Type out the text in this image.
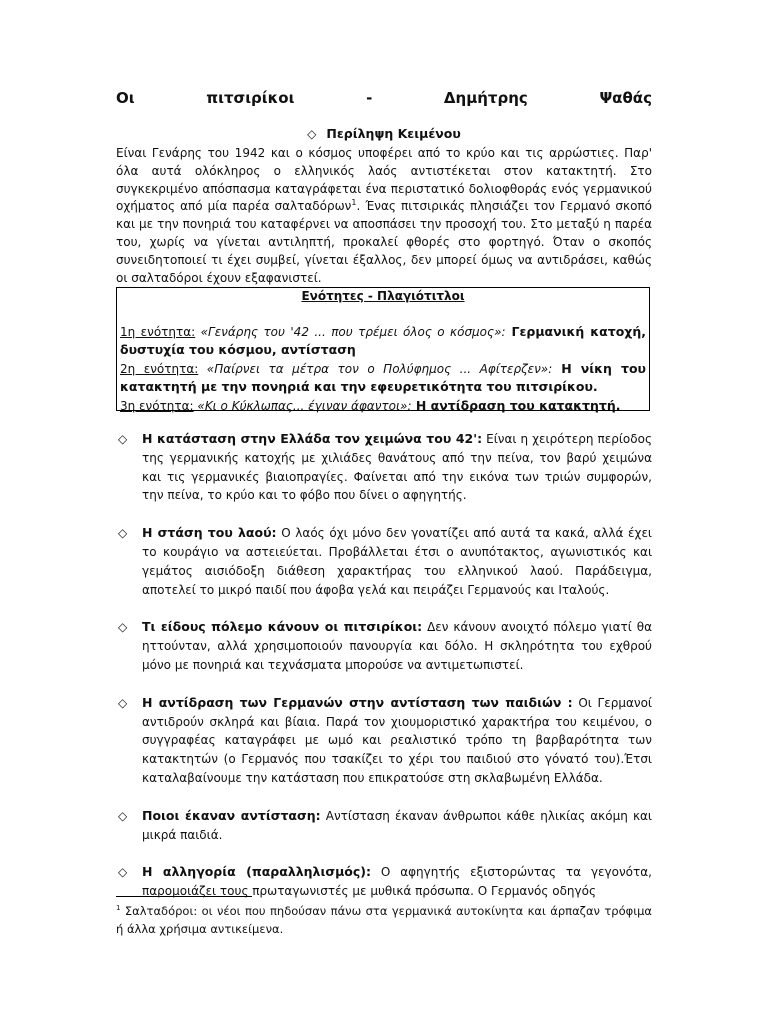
Οι	πιτσιρίκοι	-	Δημήτρης	Ψαθάς
◇ Περίληψη Κειμένου

Είναι Γενάρης του 1942 και ο κόσμος υποφέρει από το κρύο και τις αρρώστιες. Παρ' όλα αυτά ολόκληρος ο ελληνικός λαός αντιστέκεται στον κατακτητή. Στο συγκεκριμένο απόσπασμα καταγράφεται ένα περιστατικό δολιοφθοράς ενός γερμανικού οχήματος από μία παρέα σαλταδόρων$^1$. Ένας πιτσιρικάς πλησιάζει τον Γερμανό σκοπό και με την πονηριά του καταφέρνει να αποσπάσει την προσοχή του. Στο μεταξύ η παρέα του, χωρίς να γίνεται αντιληπτή, προκαλεί φθορές στο φορτηγό. Όταν ο σκοπός συνειδητοποιεί τι έχει συμβεί, γίνεται έξαλλος, δεν μπορεί όμως να αντιδράσει, καθώς οι σαλταδόροι έχουν εξαφανιστεί.

Ενότητες - Πλαγιότιτλοι

1η ενότητα: «Γενάρης του '42 ... που τρέμει όλος ο κόσμος»: Γερμανική κατοχή, δυστυχία του κόσμου, αντίσταση

2η ενότητα: «Παίρνει τα μέτρα τον ο Πολύφημος ... Αφίτερζεν»: Η νίκη του κατακτητή με την πονηριά και την εφευρετικότητα του πιτσιρίκου.

3η ενότητα: «Κι ο Κύκλωπας... έγιναν άφαντοι»: Η αντίδραση του κατακτητή.

◇ Η κατάσταση στην Ελλάδα τον χειμώνα του 42': Είναι η χειρότερη περίοδος της γερμανικής κατοχής με χιλιάδες θανάτους από την πείνα, τον βαρύ χειμώνα και τις γερμανικές βιαιοπραγίες. Φαίνεται από την εικόνα των τριών συμφορών, την πείνα, το κρύο και το φόβο που δίνει ο αφηγητής.
◇ Η στάση του λαού: Ο λαός όχι μόνο δεν γονατίζει από αυτά τα κακά, αλλά έχει το κουράγιο να αστειεύεται. Προβάλλεται έτσι ο ανυπότακτος, αγωνιστικός και γεμάτος αισιόδοξη διάθεση χαρακτήρας του ελληνικού λαού. Παράδειγμα, αποτελεί το μικρό παιδί που άφοβα γελά και πειράζει Γερμανούς και Ιταλούς.
◇ Τι είδους πόλεμο κάνουν οι πιτσιρίκοι: Δεν κάνουν ανοιχτό πόλεμο γιατί θα ηττούνταν, αλλά χρησιμοποιούν πανουργία και δόλο. Η σκληρότητα του εχθρού μόνο με πονηριά και τεχνάσματα μπορούσε να αντιμετωπιστεί.
◇ Η αντίδραση των Γερμανών στην αντίσταση των παιδιών : Οι Γερμανοί αντιδρούν σκληρά και βίαια. Παρά τον χιουμοριστικό χαρακτήρα του κειμένου, ο συγγραφέας καταγράφει με ωμό και ρεαλιστικό τρόπο τη βαρβαρότητα των κατακτητών (ο Γερμανός που τσακίζει το χέρι του παιδιού στο γόνατό του).Έτσι καταλαβαίνουμε την κατάσταση που επικρατούσε στη σκλαβωμένη Ελλάδα.
◇ Ποιοι έκαναν αντίσταση: Αντίσταση έκαναν άνθρωποι κάθε ηλικίας ακόμη και μικρά παιδιά.
◇ Η αλληγορία (παραλληλισμός): Ο αφηγητής εξιστορώντας τα γεγονότα, παρομοιάζει τους πρωταγωνιστές με μυθικά πρόσωπα. Ο Γερμανός οδηγός
$^1$ Σαλταδόροι: οι νέοι που πηδούσαν πάνω στα γερμανικά αυτοκίνητα και άρπαζαν τρόφιμα ή άλλα χρήσιμα αντικείμενα.
